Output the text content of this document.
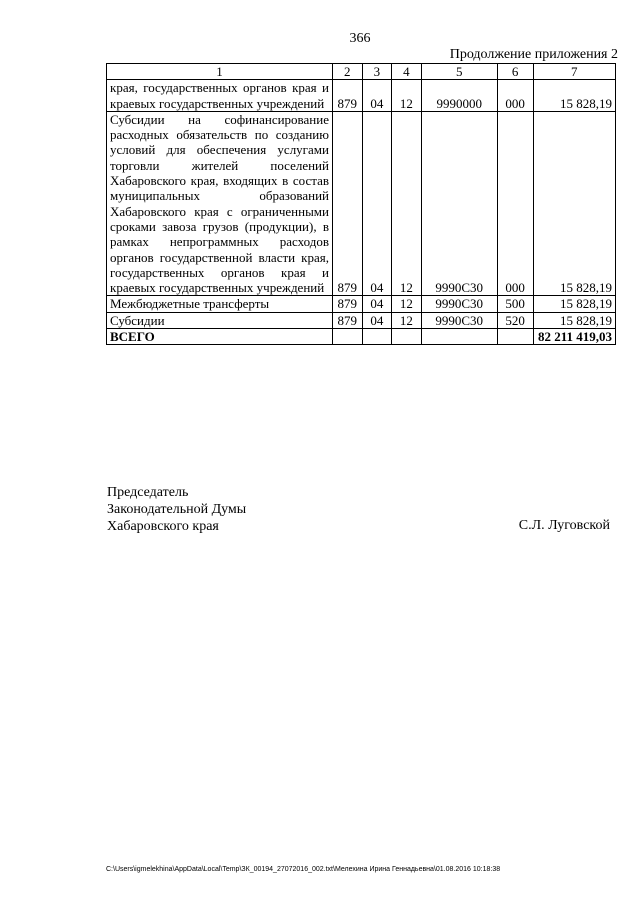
366
Продолжение приложения 2
1	2	3	4	5	6	7
края, государственных органов края и краевых государственных учреждений	879	04	12	9990000	000	15 828,19
Субсидии на софинансирование расходных обязательств по созданию условий для обеспечения услугами торговли жителей поселений Хабаровского края, входящих в состав муниципальных образований Хабаровского края с ограниченными сроками завоза грузов (продукции), в рамках непрограммных расходов органов государственной власти края, государственных органов края и краевых государственных учреждений	879	04	12	9990С30	000	15 828,19
Межбюджетные трансферты	879	04	12	9990С30	500	15 828,19
Субсидии	879	04	12	9990С30	520	15 828,19
ВСЕГО						82 211 419,03
Председатель
Законодательной Думы
Хабаровского края	С.Л. Луговской
C:\Users\igmelekhina\AppData\Local\Temp\ЗК_00194_27072016_002.txt\Мелехина Ирина Геннадьевна\01.08.2016 10:18:38
